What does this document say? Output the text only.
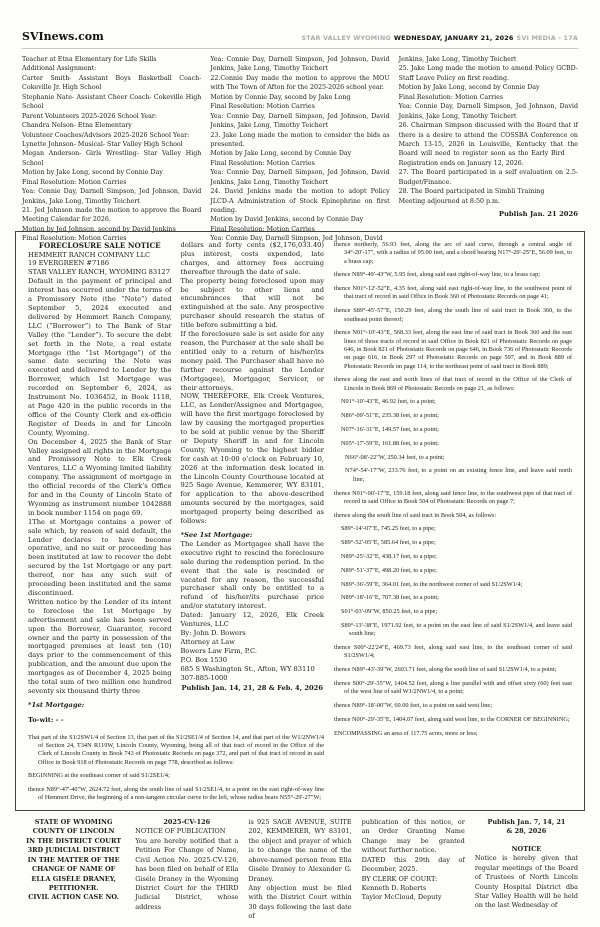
SVInews.com	STAR VALLEY WYOMING WEDNESDAY, JANUARY 21, 2026 SVI MEDIA - 17A

Teacher at Etna Elementary for Life Skills

Additional Assignment:

Carter Smith- Assistant Boys Basketball Coach- Cokeville Jr. High School

Stephanie Nate- Assistant Cheer Coach- Cokeville High School

Parent Volunteers 2025-2026 School Year:

Chandra Nelson- Etna Elementary

Volunteer Coaches/Advisors 2025-2026 School Year:

Lynette Johnson- Musical- Star Valley High School

Megan Anderson- Girls Wrestling- Star Valley High School

Motion by Jake Long, second by Connie Day

Final Resolution: Motion Carries

Yea: Connie Day, Darnell Simpson, Jed Johnson, David Jenkins, Jake Long, Timothy Teichert

21. Jed Johnson made the motion to approve the Board Meeting Calendar for 2026.

Motion by Jed Johnson, second by David Jenkins

Final Resolution: Motion Carries

Yea: Connie Day, Darnell Simpson, Jed Johnson, David Jenkins, Jake Long, Timothy Teichert

22.Connie Day made the motion to approve the MOU with The Town of Afton for the 2025-2026 school year.

Motion by Connie Day, second by Jake Long

Final Resolution: Motion Carries

Yea: Connie Day, Darnell Simpson, Jed Johnson, David Jenkins, Jake Long, Timothy Teichert

23. Jake Long made the motion to consider the bids as presented.

Motion by Jake Long, second by Connie Day

Final Resolution: Motion Carries

Yea: Connie Day, Darnell Simpson, Jed Johnson, David Jenkins, Jake Long, Timothy Teichert

24. David Jenkins made the motion to adopt Policy JLCD-A Administration of Stock Epinephrine on first reading.

Motion by David Jenkins, second by Connie Day

Final Resolution: Motion Carries

Yea: Connie Day, Darnell Simpson, Jed Johnson, David

Jenkins, Jake Long, Timothy Teichert

25. Jake Long made the motion to amend Policy GCBD-Staff Leave Policy on first reading.

Motion by Jake Long, second by Connie Day

Final Resolution: Motion Carries

Yea: Connie Day, Darnell Simpson, Jed Johnson, David Jenkins, Jake Long, Timothy Teichert

26. Chairman Simpson discussed with the Board that if there is a desire to attend the COSSBA Conference on March 13-15, 2026 in Louisville, Kentucky that the Board will need to register soon as the Early Bird      Registration ends on January 12, 2026.

27. The Board participated in a self evaluation on 2.5-Budget/Finance.

28. The Board participated in Simbli Training

Meeting adjourned at 8:50 p.m.

Publish Jan. 21 2026

FORECLOSURE SALE NOTICE

HEMMERT RANCH COMPANY LLC

19 EVERGREEN #7186

STAR VALLEY RANCH, WYOMING 83127

Default in the payment of principal and interest has occurred under the terms of a Promissory Note (the “Note”) dated September 5, 2024 executed and delivered by Hemmert Ranch Company, LLC (“Borrower”) to The Bank of Star Valley (the “Lender”). To secure the debt set forth in the Note, a real estate Mortgage (the “1st Mortgage”) of the same date securing the Note was executed and delivered to Lender by the Borrower, which 1st Mortgage was recorded on September 6, 2024, as Instrument No. 1036452, in Book 1118, at Page 420 in the public records in the office of the County Clerk and ex-officio Register of Deeds in and for Lincoln County, Wyoming.

On December 4, 2025 the Bank of Star Valley assigned all rights in the Mortgage and Promissory Note to Elk Creek Ventures, LLC a Wyoming limited liability company. The assignment of mortgage in the official records of the Clerk’s Office for and in the County of Lincoln State of Wyoming as instrument number 1042888 in book number 1154 on page 69.

1The st Mortgage contains a power of sale which, by reason of said default, the Lender declares to have become operative, and no suit or proceeding has been instituted at law to recover the debt secured by the 1st Mortgage or any part thereof, nor has any such suit of proceeding been instituted and the same discontinued.

Written notice by the Lender of its intent to foreclose the 1st Mortgage by advertisement and sale has been served upon the Borrower, Guarantor, record owner and the party in possession of the mortgaged premises at least ten (10) days prior to the commencement of this publication, and the amount due upon the mortgages as of December 4, 2025 being the total sum of two million one hundred seventy six thousand thirty three

*1st Mortgage:

To-wit: - -

dollars and forty cents ($2,176,033.40) plus interest, costs expended, late charges, and attorney fees accruing thereafter through the date of sale.

The property being foreclosed upon may be subject to other liens and encumbrances that will not be extinguished at the sale. Any prospective purchaser should research the status of title before submitting a bid.

If the foreclosure sale is set aside for any reason, the Purchaser at the sale shall be entitled only to a return of his/her/its money paid. The Purchaser shall have no further recourse against the Lender (Mortgagee), Mortgagor, Servicer, or their attorneys.

NOW, THEREFORE, Elk Creek Ventures, LLC, as Lender/Assignee and Mortgagee, will have the first mortgage foreclosed by law by causing the mortgaged properties to be sold at public venue by the Sheriff or Deputy Sheriff in and for Lincoln County, Wyoming to the highest bidder for cash at 10:00 o’clock on February 10, 2026 at the information desk located in the Lincoln County Courthouse located at 925 Sage Avenue, Kemmerer, WY 83101, for application to the above-described amounts secured by the mortgages, said mortgaged property being described as follows:

*See 1st Mortgage:

The Lender as Mortgagee shall have the executive right to rescind the foreclosure sale during the redemption period. In the event that the sale is rescinded or vacated for any reason, the successful purchaser shall only be entitled to a refund of his/her/its purchase price and/or statutory interest.

Dated: January 12, 2026, Elk Creek Ventures, LLC

By: John D. Bowers

Attorney at Law

Bowers Law Firm, P.C.

P.O. Box 1530

685 S Washington St., Afton, WY 83110

307-885-1000

Publish Jan. 14, 21, 28 & Feb. 4, 2026

That part of the S1/2SW1/4 of Section 13, that part of the S1/2SE1/4 of Section 14, and that part of the W1/2NW1/4 of Section 24, T34N R119W, Lincoln County, Wyoming, being all of that tract of record in the Office of the Clerk of Lincoln County in Book 743 of Photostatic Records on page 372, and part of that tract of record in said Office in Book 918 of Photostatic Records on page 778, described as follows:

BEGINNING at the southeast corner of said S1/2SE1/4;

thence N89°-47'-40"W, 2624.72 feet, along the south line of said S1/2SE1/4, to a point on the east right-of-way line of Hemmert Drive, the beginning of a non-tangent circular curve to the left, whose radius bears N55°-29'-27"W;

thence northerly, 56.93 feet, along the arc of said curve, through a central angle of 34°-20'-17", with a radius of 95.00 feet, and a chord bearing N17°-20'-25"E, 56.09 feet, to a brass cap;

thence N89°-49'-43"W, 5.95 feet, along said east right-of-way line, to a brass cap;

thence N01°-12'-52"E, 4.35 feet, along said east right-of-way line, to the southwest point of that tract of record in said Office in Book 360 of Photostatic Records on page 41;

thence S89°-45'-57"E, 150.29 feet, along the south line of said tract in Book 360, to the southeast point thereof;

thence N01°-10'-43"E, 568.33 feet, along the east line of said tract in Book 360 and the east lines of those tracts of record in said Office in Book 821 of Photostatic Records on page 646, in Book 821 of Photostatic Records on page 646, in Book 736 of Photostatic Records on page 616, in Book 297 of Photostatic Records on page 597, and in Book 889 of Photostatic Records on page 114, to the northeast point of said tract in Book 889;

thence along the east and north lines of that tract of record in the Office of the Clerk of Lincoln in Book 869 of Photostatic Records on page 21, as follows:

N01°-10'-43"E, 46.92 feet, to a point;

N86°-09'-51"E, 235.38 feet, to a point;

N07°-16'-31"E, 149.57 feet, to a point;

N05°-17'-59"E, 161.88 feet, to a point;

N66°-08'-22"W, 250.34 feet, to a point;

N74°-54'-17"W, 233.76 feet, to a point on an existing fence line, and leave said north line;

thence N01°-00'-17"E, 159.18 feet, along said fence line, to the southwest pipe of that tract of record in said Office in Book 504 of Photostatic Records on page 7;

thence along the south line of said tract in Book 504, as follows:

S89°-14'-07"E, 745.25 feet, to a pipe;

S89°-52'-05"E, 585.64 feet, to a pipe;

N89°-25'-32"E, 438.17 feet, to a pipe;

N89°-51'-37"E, 498.20 feet, to a pipe;

N89°-36'-59"E, 364.01 feet, to the northwest corner of said S1/2SW1/4;

N89°-18'-16"E, 707.38 feet, to a point;

S01°-03'-09"W, 850.25 feet, to a pipe;

S89°-13'-38"E, 1971.92 feet, to a point on the east line of said S1/2SW1/4, and leave said south line;

thence S00°-22'24"E, 469.73 feet, along said east line, to the southeast corner of said S1/2SW1/4;

thence N89°-43'-39"W, 2603.71 feet, along the south line of said S1/2SW1/4, to a point;

thence S00°-29'-35"W, 1404.52 feet, along a line parallel with and offset sixty (60) feet east of the west line of said W1/2NW1/4, to a point;

thence N89°-18'-00"W, 60.00 feet, to a point on said west line;

thence N00°-29'-35"E, 1404.07 feet, along said west line, to the CORNER OF BEGINNING;

ENCOMPASSING an area of 117.75 acres, more or less;

STATE OF WYOMING

COUNTY OF LINCOLN

IN THE DISTRICT COURT

3RD JUDICIAL DISTRICT

IN THE MATTER OF THE

CHANGE OF NAME OF

ELLA GISÉLE DRANEY,

PETITIONER.

CIVIL ACTION CASE NO.

2025-CV-126

NOTICE OF PUBLICATION

You are hereby notified that a Petition For Change of Name, Civil Action No. 2025-CV-126, has been filed on behalf of Ella Giséle Draney in the Wyoming District Court for the THIRD Judicial District, whose address

is 925 SAGE AVENUE, SUITE 202, KEMMERER, WY 83101, the object and prayer of which is to change the name of the above-named person from Ella Giséle Draney to Alexander G. Draney.

Any objection must be filed with the District Court within 30 days following the last date of

publication of this notice, or an Order Granting Name Change may be granted without further notice.

DATED this 29th day of December, 2025.

BY CLERK OF COURT:

Kenneth D. Roberts

Taylor McCloud, Deputy

Publish Jan. 7, 14, 21

& 28, 2026

NOTICE

Notice is hereby given that regular meetings of the Board of Trustees of North Lincoln County Hospital District dba Star Valley Health will be held on the last Wednesday of
